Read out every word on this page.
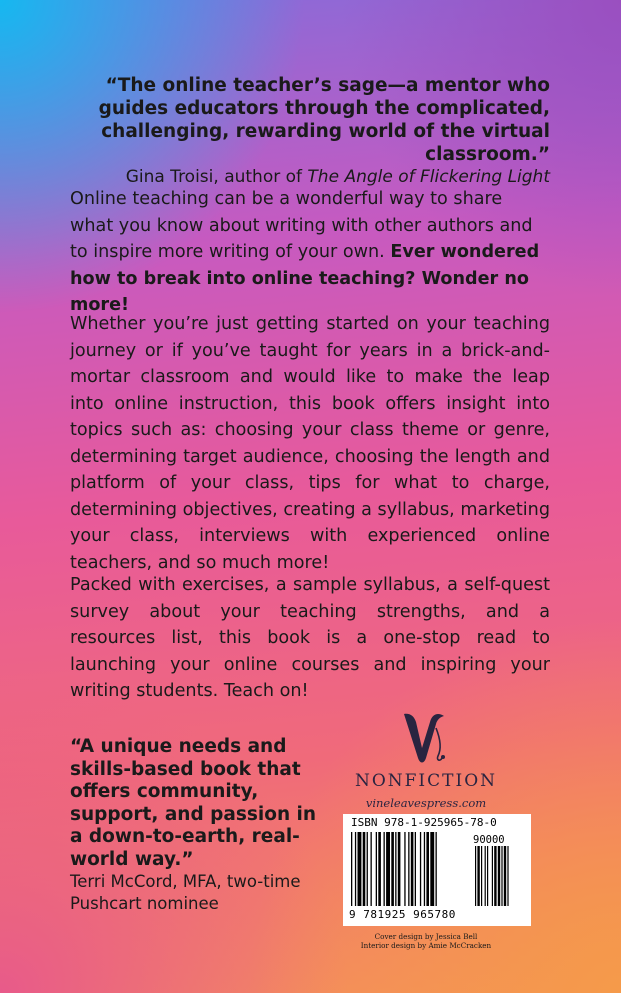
“The online teacher’s sage—a mentor who guides educators through the complicated, challenging, rewarding world of the virtual classroom.”
Gina Troisi, author of The Angle of Flickering Light
Online teaching can be a wonderful way to share what you know about writing with other authors and to inspire more writing of your own. Ever wondered how to break into online teaching? Wonder no more!
Whether you’re just getting started on your teaching journey or if you’ve taught for years in a brick-and-mortar classroom and would like to make the leap into online instruction, this book offers insight into topics such as: choosing your class theme or genre, determining target audience, choosing the length and platform of your class, tips for what to charge, determining objectives, creating a syllabus, marketing your class, interviews with experienced online teachers, and so much more!
Packed with exercises, a sample syllabus, a self-quest survey about your teaching strengths, and a resources list, this book is a one-stop read to launching your online courses and inspiring your writing students. Teach on!
“A unique needs and skills-based book that offers community, support, and passion in a down-to-earth, real-world way.”
Terri McCord, MFA, two-time Pushcart nominee
NONFICTION
vineleavespress.com
ISBN 978-1-925965-78-0
90000
9 781925 965780
Cover design by Jessica Bell
Interior design by Amie McCracken
